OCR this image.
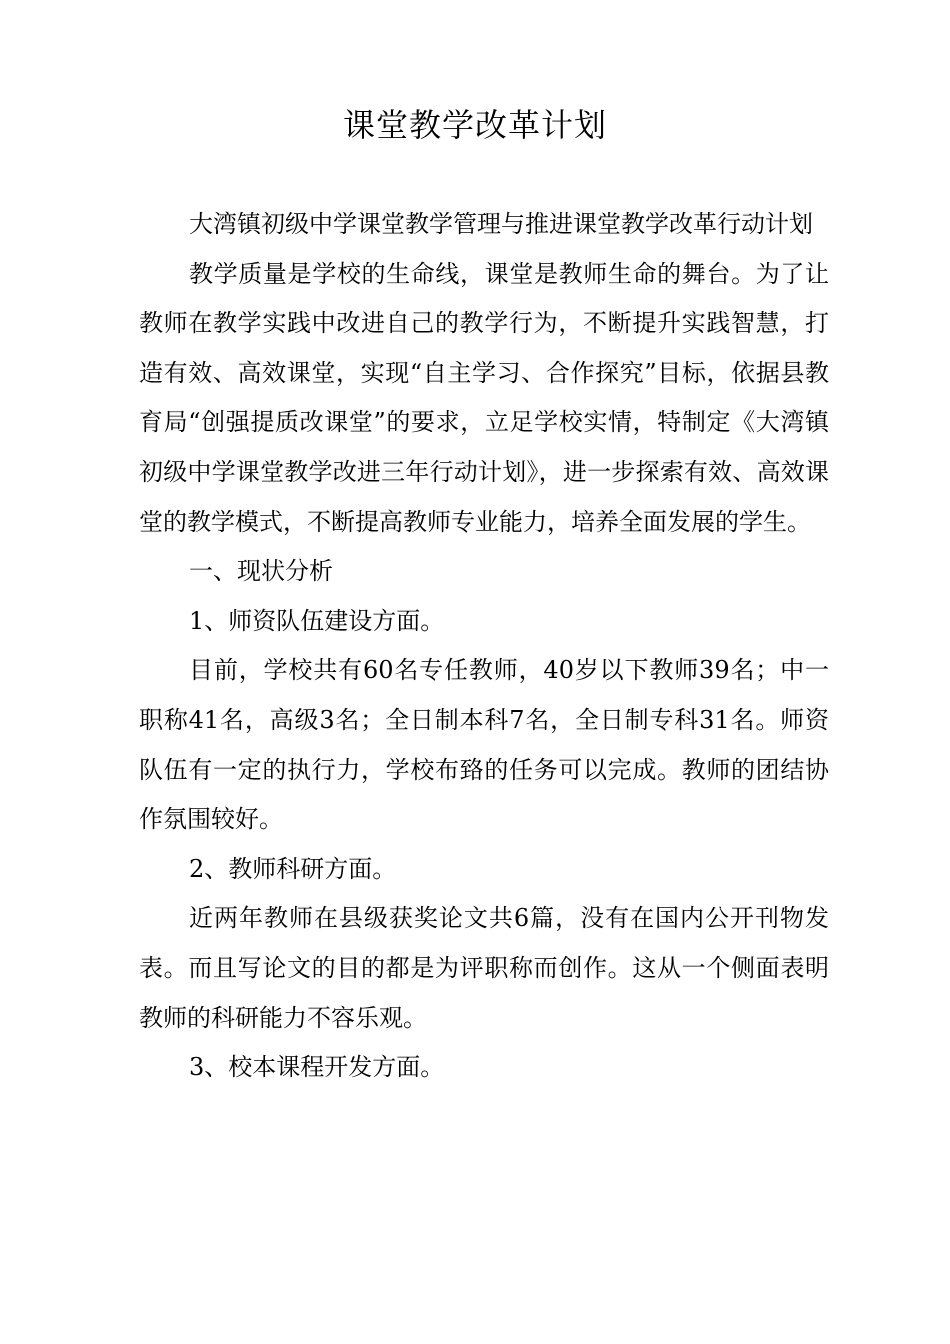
课堂教学改革计划

大湾镇初级中学课堂教学管理与推进课堂教学改革行动计划

教学质量是学校的生命线，课堂是教师生命的舞台。为了让教师在教学实践中改进自己的教学行为，不断提升实践智慧，打造有效、高效课堂，实现“自主学习、合作探究”目标，依据县教育局“创强提质改课堂”的要求，立足学校实情，特制定《大湾镇初级中学课堂教学改进三年行动计划》，进一步探索有效、高效课堂的教学模式，不断提高教师专业能力，培养全面发展的学生。

一、现状分析

1、师资队伍建设方面。

目前，学校共有60名专任教师，40岁以下教师39名；中一职称41名，高级3名；全日制本科7名，全日制专科31名。师资队伍有一定的执行力，学校布臵的任务可以完成。教师的团结协作氛围较好。

2、教师科研方面。

近两年教师在县级获奖论文共6篇，没有在国内公开刊物发表。而且写论文的目的都是为评职称而创作。这从一个侧面表明教师的科研能力不容乐观。

3、校本课程开发方面。
